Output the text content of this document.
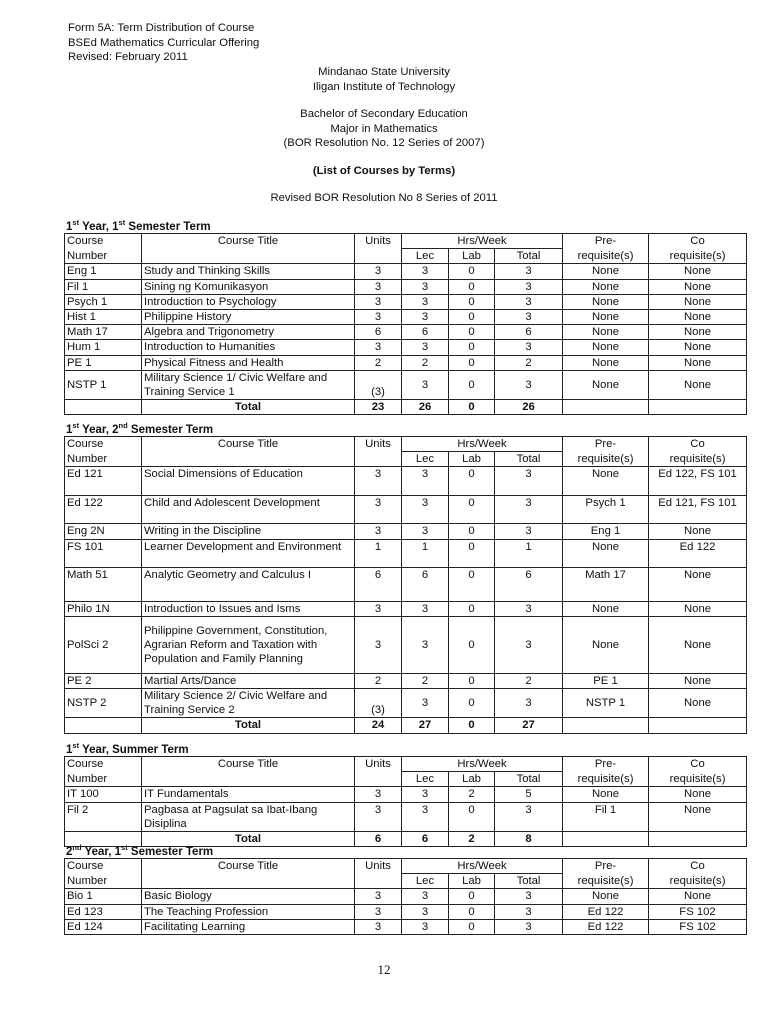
Form 5A: Term Distribution of Course
BSEd Mathematics Curricular Offering
Revised: February 2011
Mindanao State University
Iligan Institute of Technology
Bachelor of Secondary Education
Major in Mathematics
(BOR Resolution No. 12 Series of 2007)
(List of Courses by Terms)
Revised BOR Resolution No 8 Series of 2011
1st Year, 1st Semester Term
Course	Course Title	Units	Hrs/Week			Pre-	Co
Number			Lec	Lab	Total	requisite(s)	requisite(s)
Eng 1	Study and Thinking Skills	3	3	0	3	None	None
Fil 1	Sining ng Komunikasyon	3	3	0	3	None	None
Psych 1	Introduction to Psychology	3	3	0	3	None	None
Hist 1	Philippine History	3	3	0	3	None	None
Math 17	Algebra and Trigonometry	6	6	0	6	None	None
Hum 1	Introduction to Humanities	3	3	0	3	None	None
PE 1	Physical Fitness and Health	2	2	0	2	None	None
NSTP 1	Military Science 1/ Civic Welfare and Training Service 1	(3)	3	0	3	None	None
	Total	23	26	0	26		
1st Year, 2nd Semester Term
Course	Course Title	Units	Hrs/Week			Pre-	Co
Number			Lec	Lab	Total	requisite(s)	requisite(s)
Ed 121	Social Dimensions of Education	3	3	0	3	None	Ed 122, FS 101
Ed 122	Child and Adolescent Development	3	3	0	3	Psych 1	Ed 121, FS 101
Eng 2N	Writing in the Discipline	3	3	0	3	Eng 1	None
FS 101	Learner Development and Environment	1	1	0	1	None	Ed 122
Math 51	Analytic Geometry and Calculus I	6	6	0	6	Math 17	None
Philo 1N	Introduction to Issues and Isms	3	3	0	3	None	None
PolSci 2	Philippine Government, Constitution, Agrarian Reform and Taxation with Population and Family Planning	3	3	0	3	None	None
PE 2	Martial Arts/Dance	2	2	0	2	PE 1	None
NSTP 2	Military Science 2/ Civic Welfare and Training Service 2	(3)	3	0	3	NSTP 1	None
	Total	24	27	0	27		
1st Year, Summer Term
Course	Course Title	Units	Hrs/Week			Pre-	Co
Number			Lec	Lab	Total	requisite(s)	requisite(s)
IT 100	IT Fundamentals	3	3	2	5	None	None
Fil 2	Pagbasa at Pagsulat sa Ibat-Ibang Disiplina	3	3	0	3	Fil 1	None
	Total	6	6	2	8		
2nd Year, 1st Semester Term
Course	Course Title	Units	Hrs/Week			Pre-	Co
Number			Lec	Lab	Total	requisite(s)	requisite(s)
Bio 1	Basic Biology	3	3	0	3	None	None
Ed 123	The Teaching Profession	3	3	0	3	Ed 122	FS 102
Ed 124	Facilitating Learning	3	3	0	3	Ed 122	FS 102
12
